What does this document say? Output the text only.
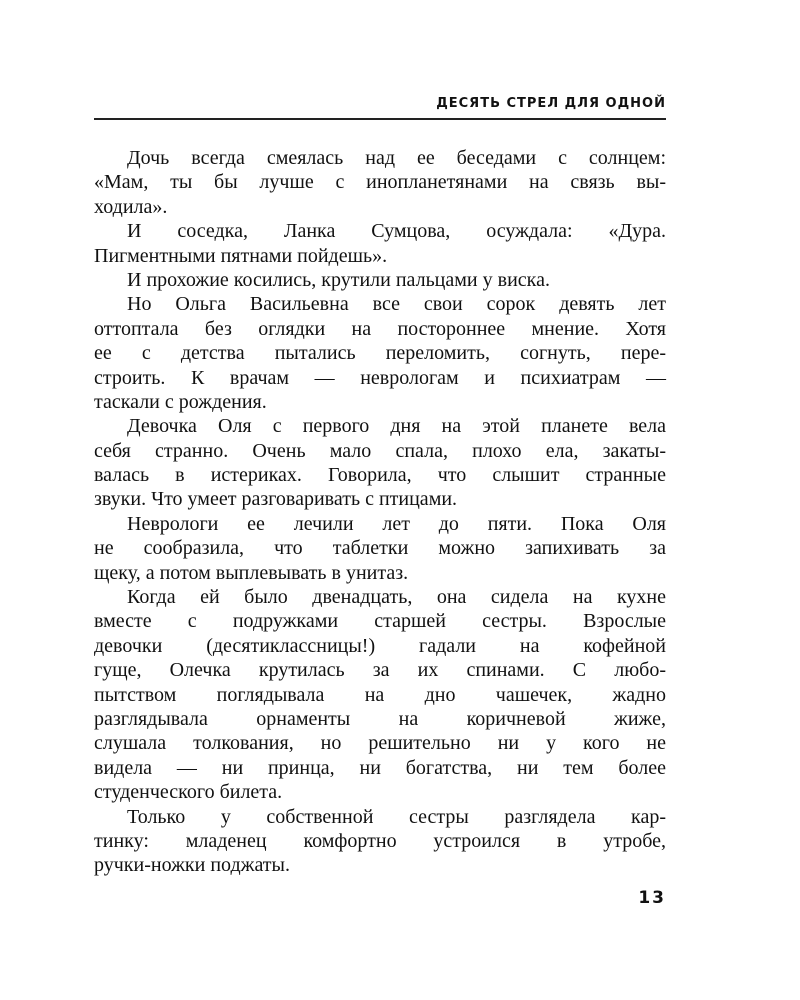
ДЕСЯТЬ СТРЕЛ ДЛЯ ОДНОЙ

Дочь всегда смеялась над ее беседами с солнцем:
«Мам, ты бы лучше с инопланетянами на связь вы-
ходила».

И соседка, Ланка Сумцова, осуждала: «Дура.
Пигментными пятнами пойдешь».

И прохожие косились, крутили пальцами у виска.

Но Ольга Васильевна все свои сорок девять лет
оттоптала без оглядки на постороннее мнение. Хотя
ее с детства пытались переломить, согнуть, пере-
строить. К врачам — неврологам и психиатрам —
таскали с рождения.

Девочка Оля с первого дня на этой планете вела
себя странно. Очень мало спала, плохо ела, закаты-
валась в истериках. Говорила, что слышит странные
звуки. Что умеет разговаривать с птицами.

Неврологи ее лечили лет до пяти. Пока Оля
не сообразила, что таблетки можно запихивать за
щеку, а потом выплевывать в унитаз.

Когда ей было двенадцать, она сидела на кухне
вместе с подружками старшей сестры. Взрослые
девочки (десятиклассницы!) гадали на кофейной
гуще, Олечка крутилась за их спинами. С любо-
пытством поглядывала на дно чашечек, жадно
разглядывала орнаменты на коричневой жиже,
слушала толкования, но решительно ни у кого не
видела — ни принца, ни богатства, ни тем более
студенческого билета.

Только у собственной сестры разглядела кар-
тинку: младенец комфортно устроился в утробе,
ручки-ножки поджаты.

13
